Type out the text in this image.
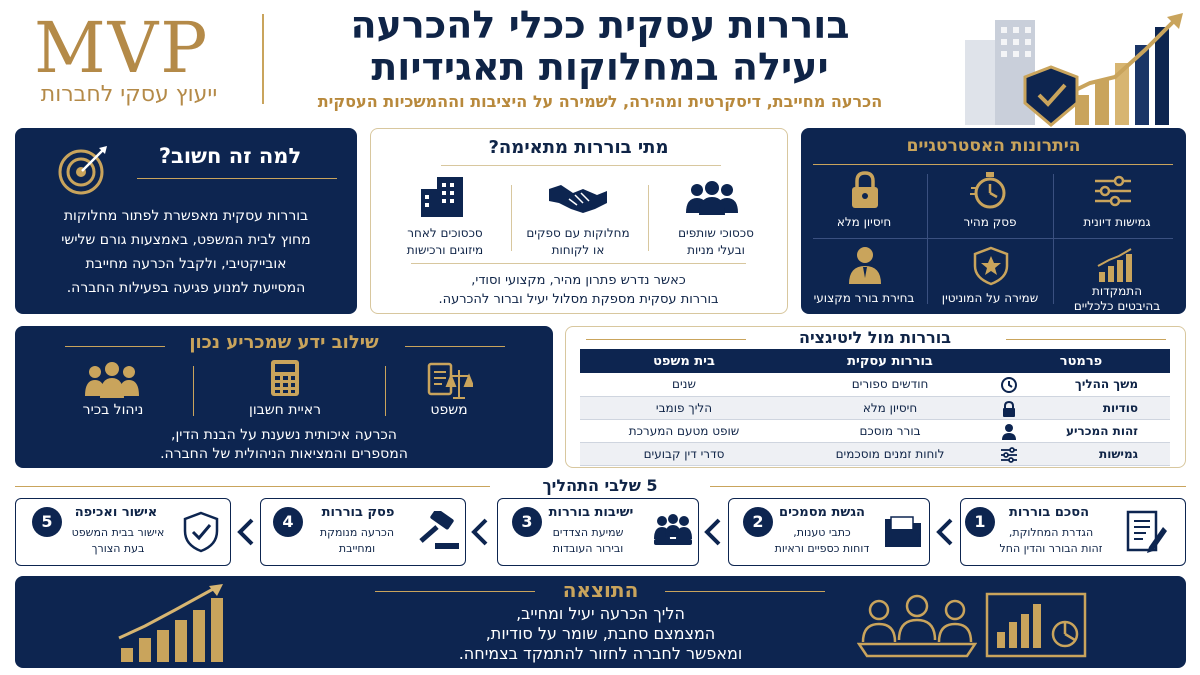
MVP
ייעוץ עסקי לחברות
בוררות עסקית ככלי להכרעה
יעילה במחלוקות תאגידיות
הכרעה מחייבת, דיסקרטית ומהירה, לשמירה על היציבות וההמשכיות העסקית
למה זה חשוב?
בוררות עסקית מאפשרת לפתור מחלוקות
מחוץ לבית המשפט, באמצעות גורם שלישי
אובייקטיבי, ולקבל הכרעה מחייבת
המסייעת למנוע פגיעה בפעילות החברה.
מתי בוררות מתאימה?
סכסוכי שותפים
ובעלי מניות
מחלוקות עם ספקים
או לקוחות
סכסוכים לאחר
מיזוגים ורכישות
כאשר נדרש פתרון מהיר, מקצועי וסודי,
בוררות עסקית מספקת מסלול יעיל וברור להכרעה.
היתרונות האסטרטגיים
גמישות דיונית
פסק מהיר
חיסיון מלא
התמקדות
בהיבטים כלכליים
שמירה על המוניטין
בחירת בורר מקצועי
שילוב ידע שמכריע נכון
משפט
ראיית חשבון
ניהול בכיר
הכרעה איכותית נשענת על הבנת הדין,
המספרים והמציאות הניהולית של החברה.
בוררות מול ליטיגציה
פרמטר	בוררות עסקית	בית משפט
משך ההליך	חודשים ספורים	שנים
סודיות	חיסיון מלא	הליך פומבי
זהות המכריע	בורר מוסכם	שופט מטעם המערכת
גמישות	לוחות זמנים מוסכמים	סדרי דין קבועים
5 שלבי התהליך
1	הסכם בוררות
הגדרת המחלוקת,
זהות הבורר והדין החל
2	הגשת מסמכים
כתבי טענות,
דוחות כספיים וראיות
3	ישיבות בוררות
שמיעת הצדדים
ובירור העובדות
4	פסק בוררות
הכרעה מנומקת
ומחייבת
5	אישור ואכיפה
אישור בבית המשפט
בעת הצורך
התוצאה
הליך הכרעה יעיל ומחייב,
המצמצם סחבת, שומר על סודיות,
ומאפשר לחברה לחזור להתמקד בצמיחה.
